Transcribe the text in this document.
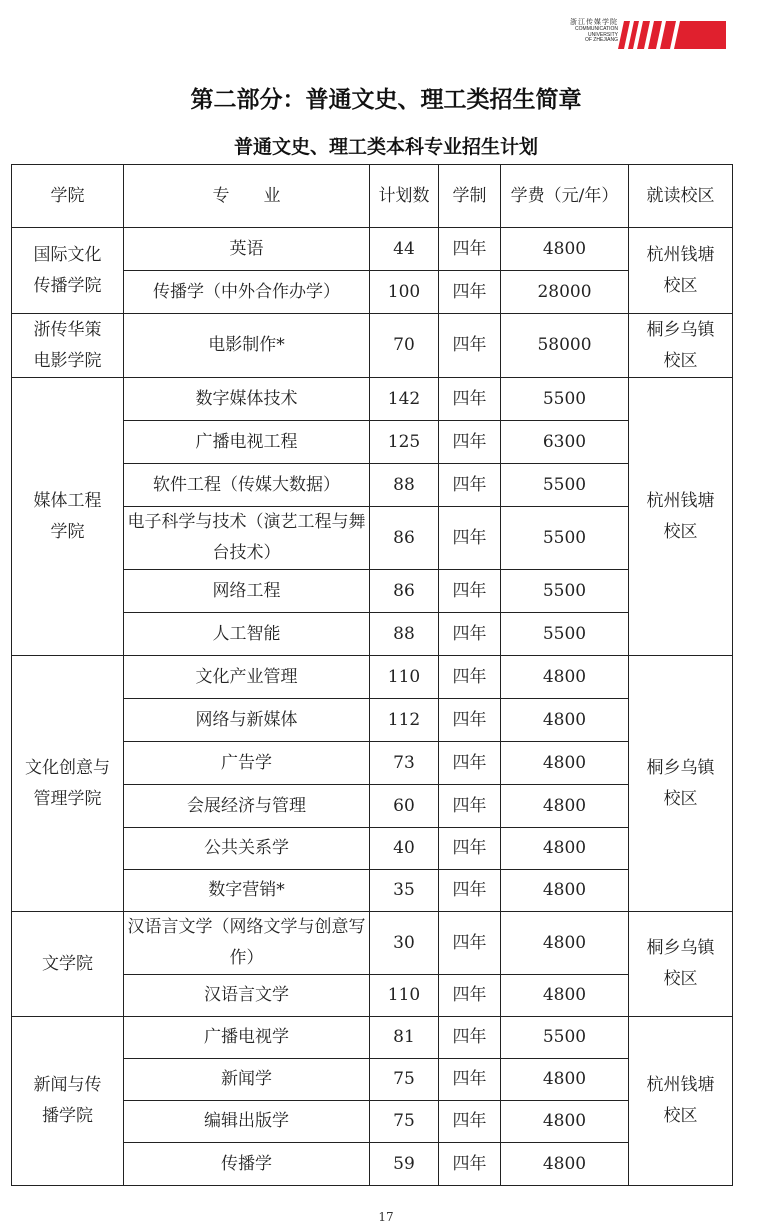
浙江传媒学院
COMMUNICATION
UNIVERSITY
OF ZHEJIANG
第二部分：普通文史、理工类招生简章
普通文史、理工类本科专业招生计划
学院	专　　业	计划数	学制	学费（元/年）	就读校区
国际文化
传播学院	英语	44	四年	4800	杭州钱塘
校区
	传播学（中外合作办学）	100	四年	28000	
浙传华策
电影学院	电影制作*	70	四年	58000	桐乡乌镇
校区
媒体工程
学院	数字媒体技术	142	四年	5500	杭州钱塘
校区
	广播电视工程	125	四年	6300	
	软件工程（传媒大数据）	88	四年	5500	
	电子科学与技术（演艺工程与舞台技术）	86	四年	5500	
	网络工程	86	四年	5500	
	人工智能	88	四年	5500	
文化创意与
管理学院	文化产业管理	110	四年	4800	桐乡乌镇
校区
	网络与新媒体	112	四年	4800	
	广告学	73	四年	4800	
	会展经济与管理	60	四年	4800	
	公共关系学	40	四年	4800	
	数字营销*	35	四年	4800	
文学院	汉语言文学（网络文学与创意写作）	30	四年	4800	桐乡乌镇
校区
	汉语言文学	110	四年	4800	
新闻与传
播学院	广播电视学	81	四年	5500	杭州钱塘
校区
	新闻学	75	四年	4800	
	编辑出版学	75	四年	4800	
	传播学	59	四年	4800	
17
